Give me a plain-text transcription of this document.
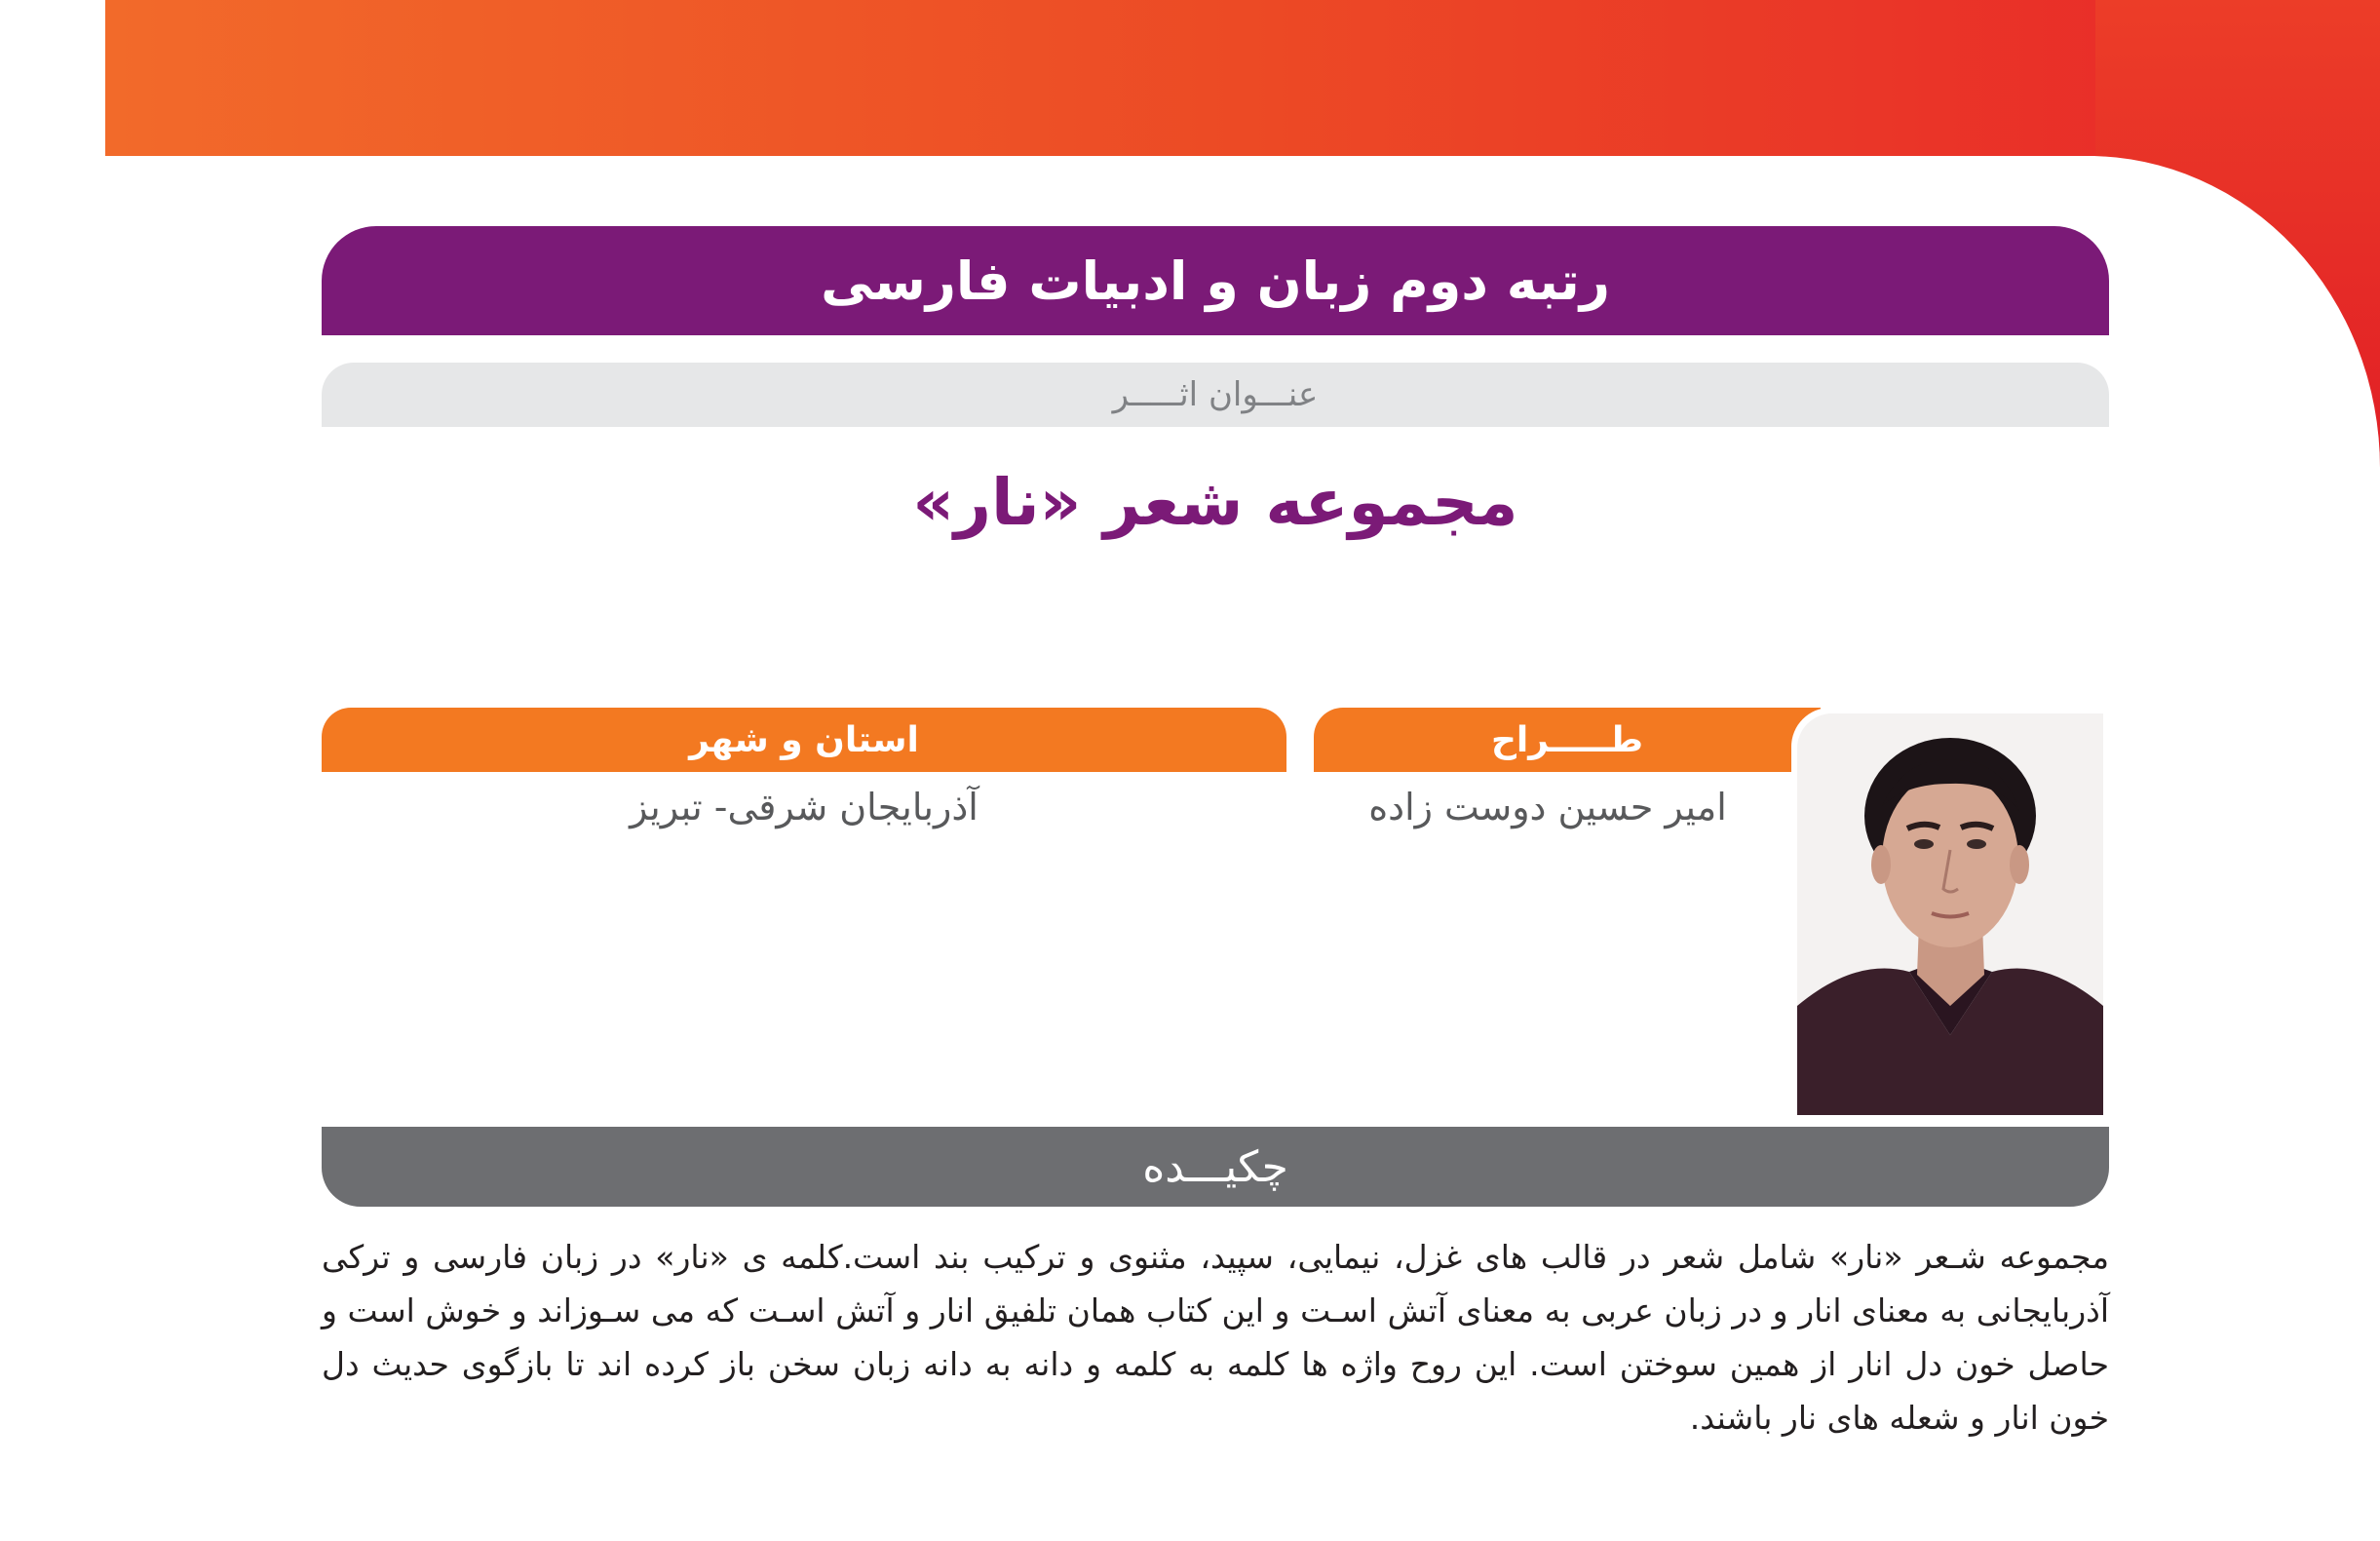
رتبه دوم زبان و ادبیات فارسی
عنـــوان اثـــــر
مجموعه شعر «نار»
طـــــراح
امیر حسین دوست زاده
استان و شهر
آذربایجان شرقی- تبریز
چکیـــده
مجموعه شـعر «نار» شامل شعر در قالب های غزل، نیمایی، سپید، مثنوی و ترکیب بند است.کلمه ی «نار» در زبان فارسی و ترکی آذربایجانی به معنای انار و در زبان عربی به معنای آتش اسـت و این کتاب همان تلفیق انار و آتش اسـت که می سـوزاند و خوش است و حاصل خون دل انار از همین سوختن است. این روح واژه ها کلمه به کلمه و دانه به دانه زبان سخن باز کرده اند تا بازگوی حدیث دل خون انار و شعله های نار باشند.
